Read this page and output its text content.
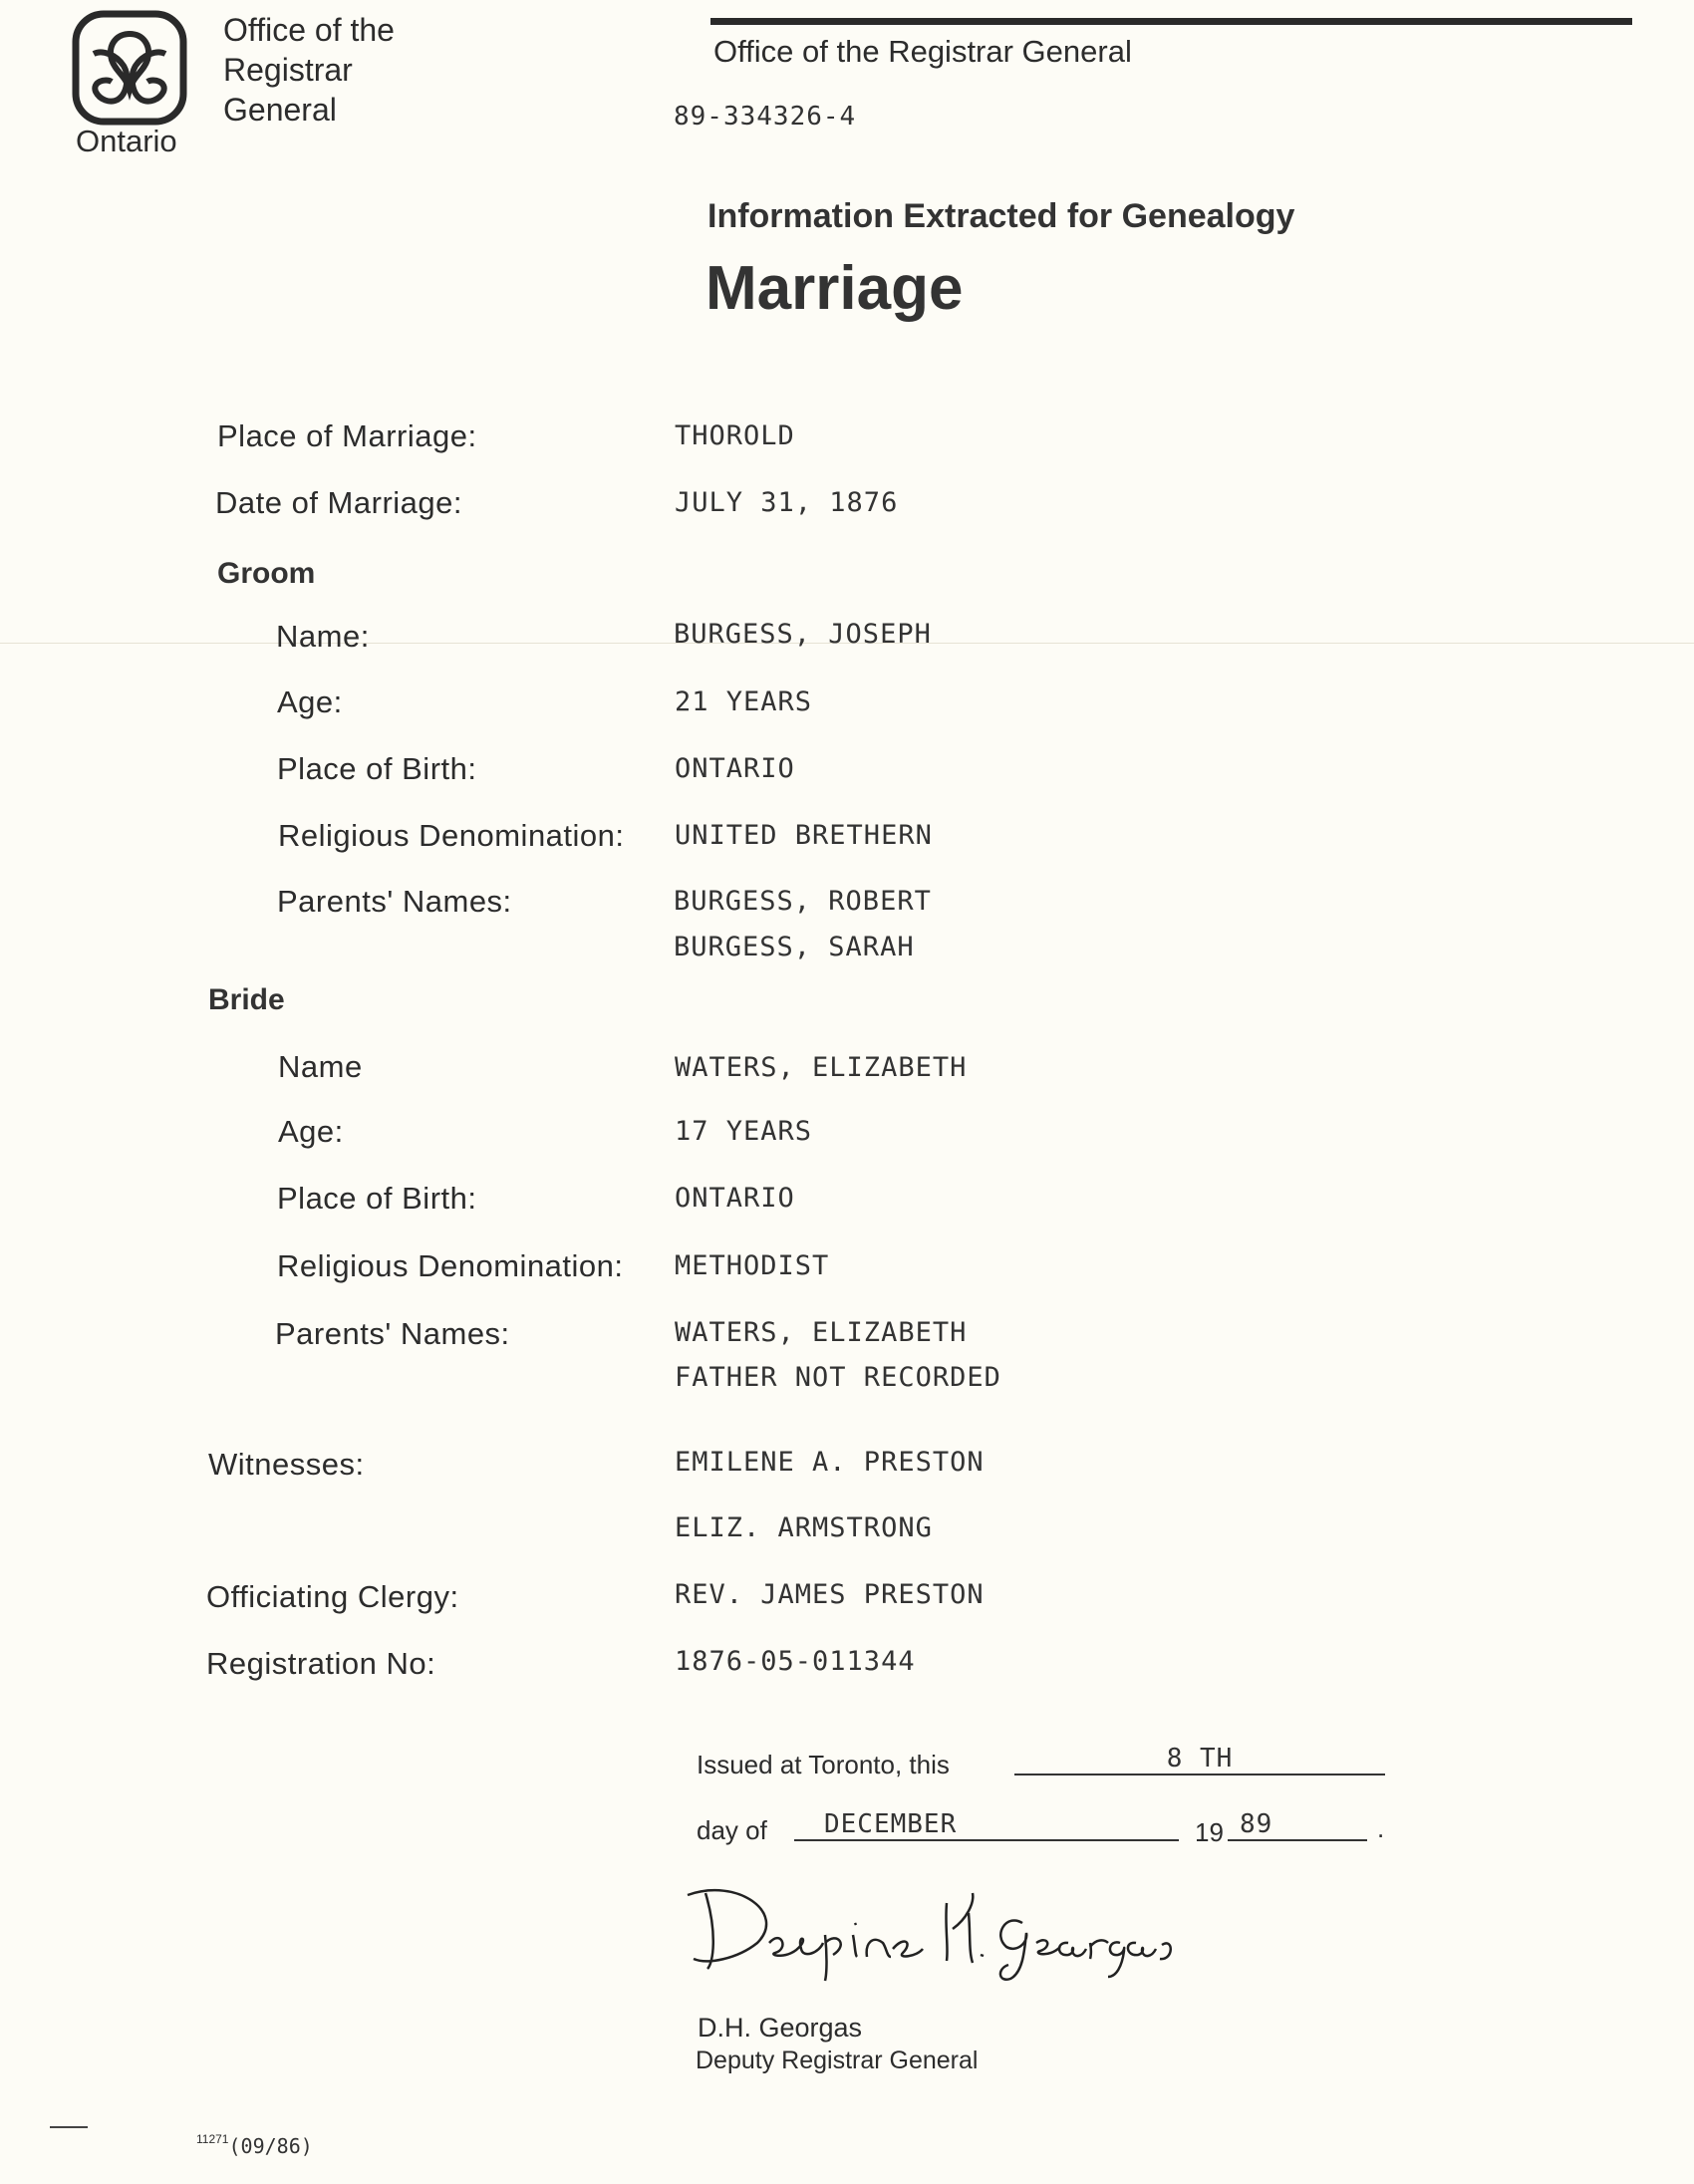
Ontario
Office of the
Registrar
General
Office of the Registrar General
89-334326-4
Information Extracted for Genealogy
Marriage
Place of Marriage:	THOROLD
Date of Marriage:	JULY 31, 1876
Groom
Name:	BURGESS, JOSEPH
Age:	21 YEARS
Place of Birth:	ONTARIO
Religious Denomination: UNITED BRETHERN
Parents' Names:	BURGESS, ROBERT
BURGESS, SARAH
Bride
Name	WATERS, ELIZABETH
Age:	17 YEARS
Place of Birth:	ONTARIO
Religious Denomination: METHODIST
Parents' Names:	WATERS, ELIZABETH
FATHER NOT RECORDED
Witnesses:	EMILENE A. PRESTON
ELIZ. ARMSTRONG
Officiating Clergy:	REV. JAMES PRESTON
Registration No:	1876-05-011344
Issued at Toronto, this	8 TH
day of	DECEMBER	19 89	.
D.H. Georgas
Deputy Registrar General
$^{11271}$(09/86)
